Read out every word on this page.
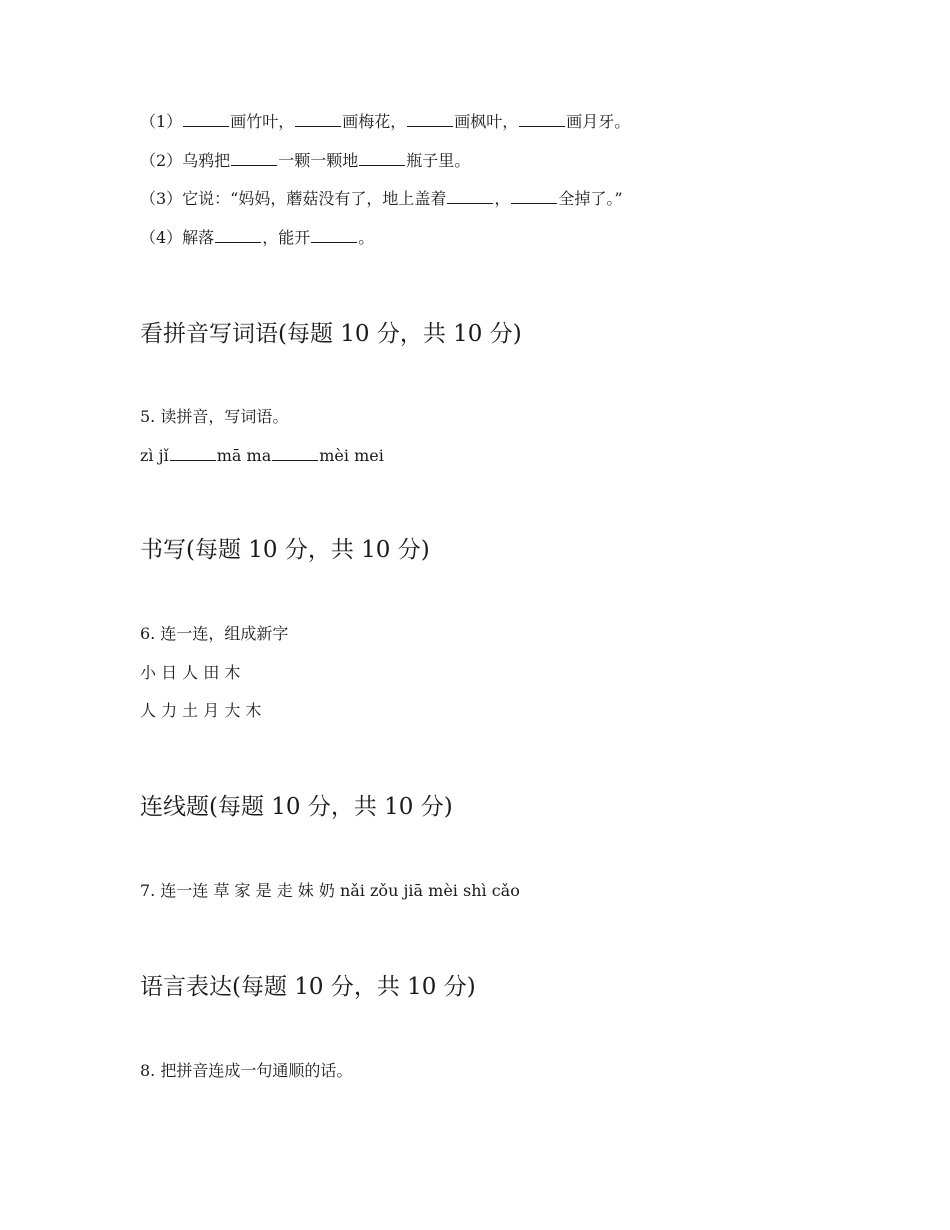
（1）	画竹叶，	画梅花，	画枫叶，	画月牙。
（2）乌鸦把	一颗一颗地	瓶子里。
（3）它说：“妈妈，蘑菇没有了，地上盖着	，	全掉了。”
（4）解落	，能开	。
看拼音写词语(每题 10 分，共 10 分)
5. 读拼音，写词语。
zì jǐ	mā ma	mèi mei
书写(每题 10 分，共 10 分)
6. 连一连，组成新字
小 日 人 田 木
人 力 土 月 大 木
连线题(每题 10 分，共 10 分)
7. 连一连 草 家 是 走 妹 奶 nǎi zǒu jiā mèi shì cǎo
语言表达(每题 10 分，共 10 分)
8. 把拼音连成一句通顺的话。
